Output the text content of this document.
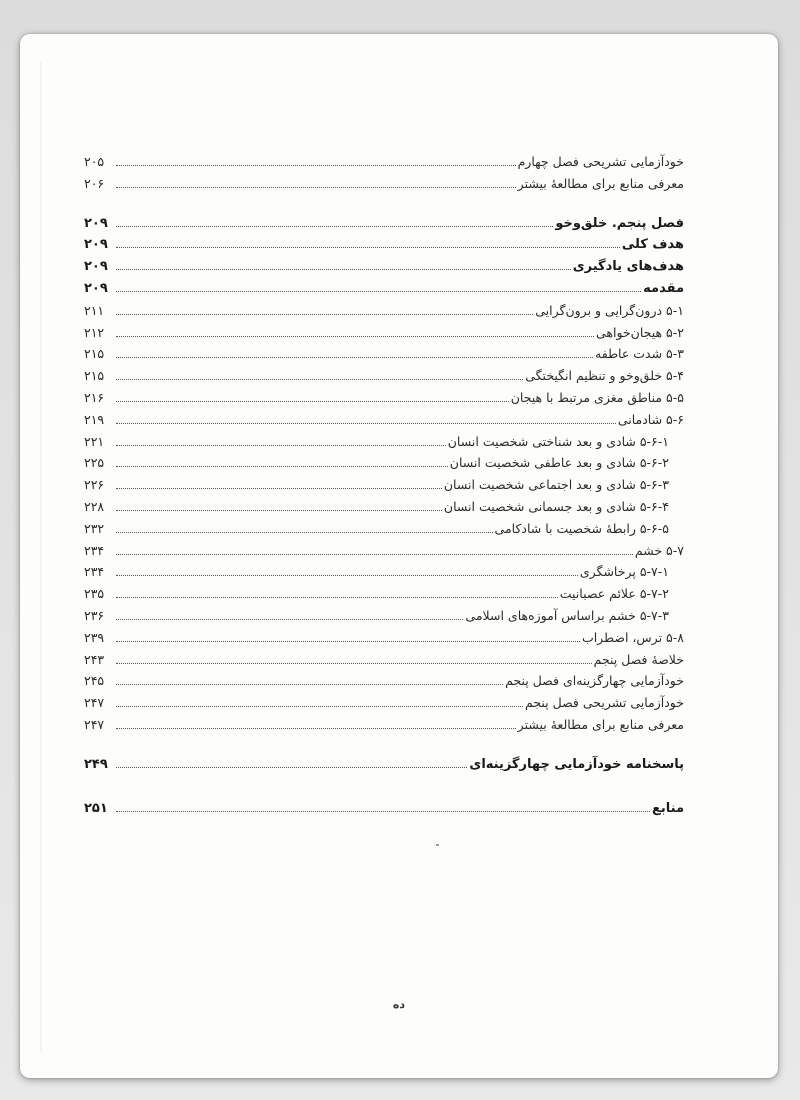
خودآزمایی تشریحی فصل چهارم
۲۰۵
معرفی منابع برای مطالعهٔ بیشتر
۲۰۶
فصل پنجم. خلق‌وخو
۲۰۹
هدف کلی
۲۰۹
هدف‌های یادگیری
۲۰۹
مقدمه
۲۰۹
۵-۱ درون‌گرایی و برون‌گرایی
۲۱۱
۵-۲ هیجان‌خواهی
۲۱۲
۵-۳ شدت عاطفه
۲۱۵
۵-۴ خلق‌وخو و تنظیم انگیختگی
۲۱۵
۵-۵ مناطق مغزی مرتبط با هیجان
۲۱۶
۵-۶ شادمانی
۲۱۹
۵-۶-۱ شادی و بعد شناختی شخصیت انسان
۲۲۱
۵-۶-۲ شادی و بعد عاطفی شخصیت انسان
۲۲۵
۵-۶-۳ شادی و بعد اجتماعی شخصیت انسان
۲۲۶
۵-۶-۴ شادی و بعد جسمانی شخصیت انسان
۲۲۸
۵-۶-۵ رابطهٔ شخصیت با شادکامی
۲۳۲
۵-۷ خشم
۲۳۴
۵-۷-۱ پرخاشگری
۲۳۴
۵-۷-۲ علائم عصبانیت
۲۳۵
۵-۷-۳ خشم براساس آموزه‌های اسلامی
۲۳۶
۵-۸ ترس، اضطراب
۲۳۹
خلاصهٔ فصل پنجم
۲۴۳
خودآزمایی چهارگزینه‌ای فصل پنجم
۲۴۵
خودآزمایی تشریحی فصل پنجم
۲۴۷
معرفی منابع برای مطالعهٔ بیشتر
۲۴۷
پاسخنامه خودآزمایی چهارگزینه‌ای
۲۴۹
منابع
۲۵۱
ده
